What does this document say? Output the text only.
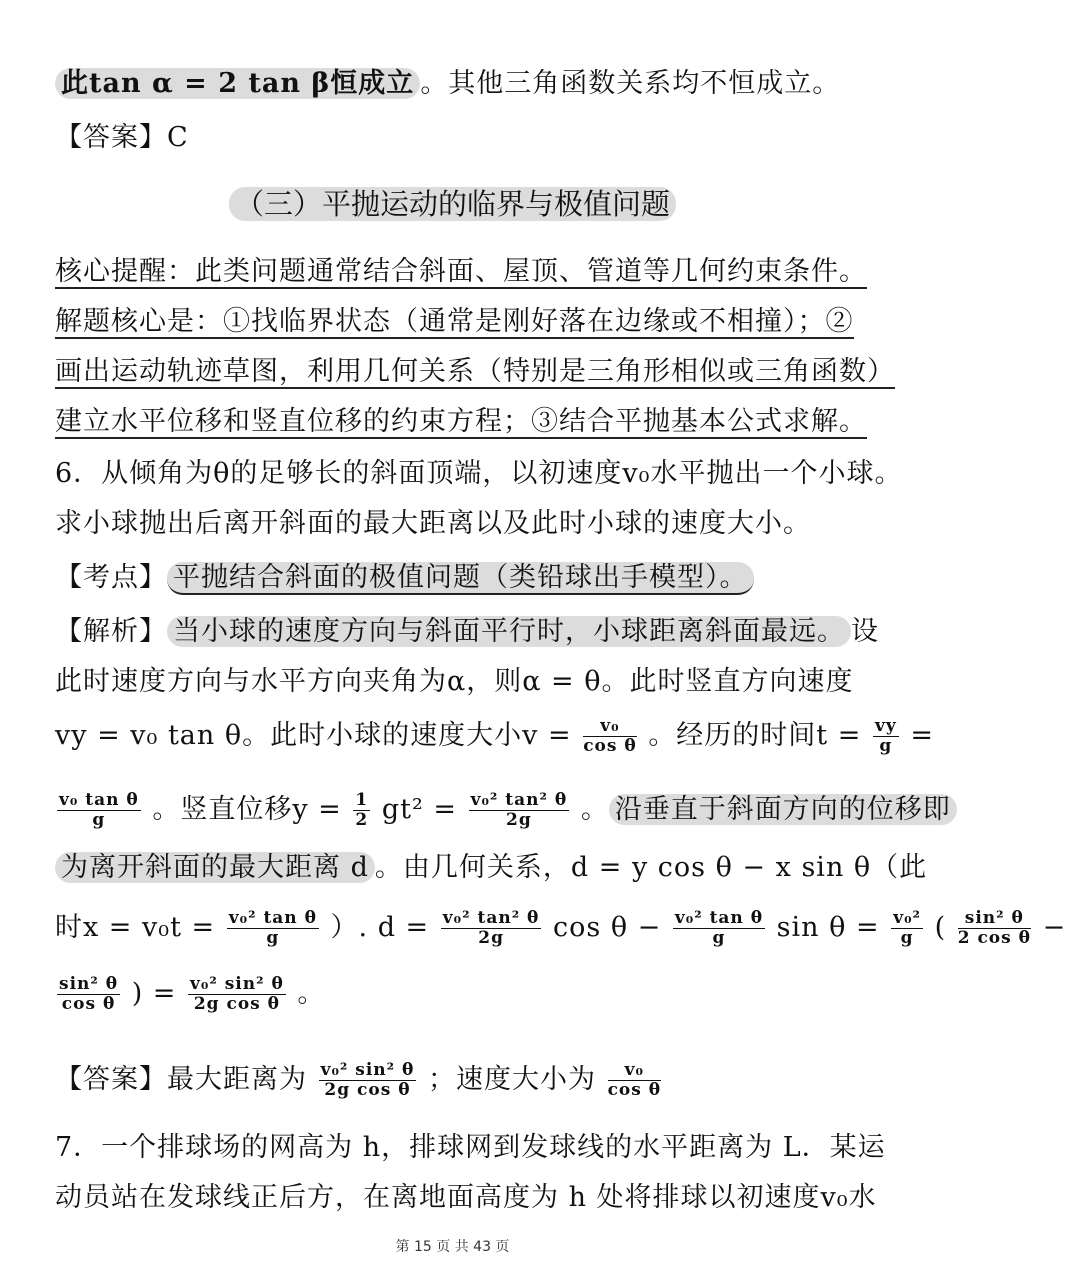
此tan α = 2 tan β恒成立 。其他三角函数关系均不恒成立。
【答案】C
（三）平抛运动的临界与极值问题
核心提醒：此类问题通常结合斜面、屋顶、管道等几何约束条件。
解题核心是：①找临界状态（通常是刚好落在边缘或不相撞）；②
画出运动轨迹草图，利用几何关系（特别是三角形相似或三角函数）
建立水平位移和竖直位移的约束方程；③结合平抛基本公式求解。
6．从倾角为θ的足够长的斜面顶端，以初速度v₀水平抛出一个小球。
求小球抛出后离开斜面的最大距离以及此时小球的速度大小。
【考点】 平抛结合斜面的极值问题（类铅球出手模型）。
【解析】 当小球的速度方向与斜面平行时，小球距离斜面最远。 设
此时速度方向与水平方向夹角为α，则α = θ。此时竖直方向速度
vy = v₀ tan θ。此时小球的速度大小$v = \frac{\text{v₀}}{\text{cos θ}}$ 。经历的时间$t = \frac{vy}{g}$ =
$\frac{\text{v₀ tan θ}}{g}$ 。竖直位移$y = \frac{1}{2} gt^2 = \frac{\text{v₀² tan² θ}}{2g}$ 。 沿垂直于斜面方向的位移即
为离开斜面的最大距离 d 。由几何关系，d = y cos θ − x sin θ（此
时$x = v_0t = \frac{\text{v₀² tan θ}}{g}$ ）. $d = \frac{\text{v₀² tan² θ}}{2g}$ $\cos \theta - \frac{\text{v₀² tan θ}}{g}$ $\sin \theta = \frac{\text{v₀²}}{g}$ ( $\frac{\text{sin² θ}}{\text{2 cos θ}}$ −
$\frac{\text{sin² θ}}{\text{cos θ}}$ ) = $\frac{\text{v₀² sin² θ}}{\text{2g cos θ}}$ 。
【答案】最大距离为 $\frac{\text{v₀² sin² θ}}{\text{2g cos θ}}$ ；速度大小为 $\frac{\text{v₀}}{\text{cos θ}}$
7．一个排球场的网高为 h，排球网到发球线的水平距离为 L．某运
动员站在发球线正后方，在离地面高度为 h 处将排球以初速度v₀水
第 15 页 共 43 页
